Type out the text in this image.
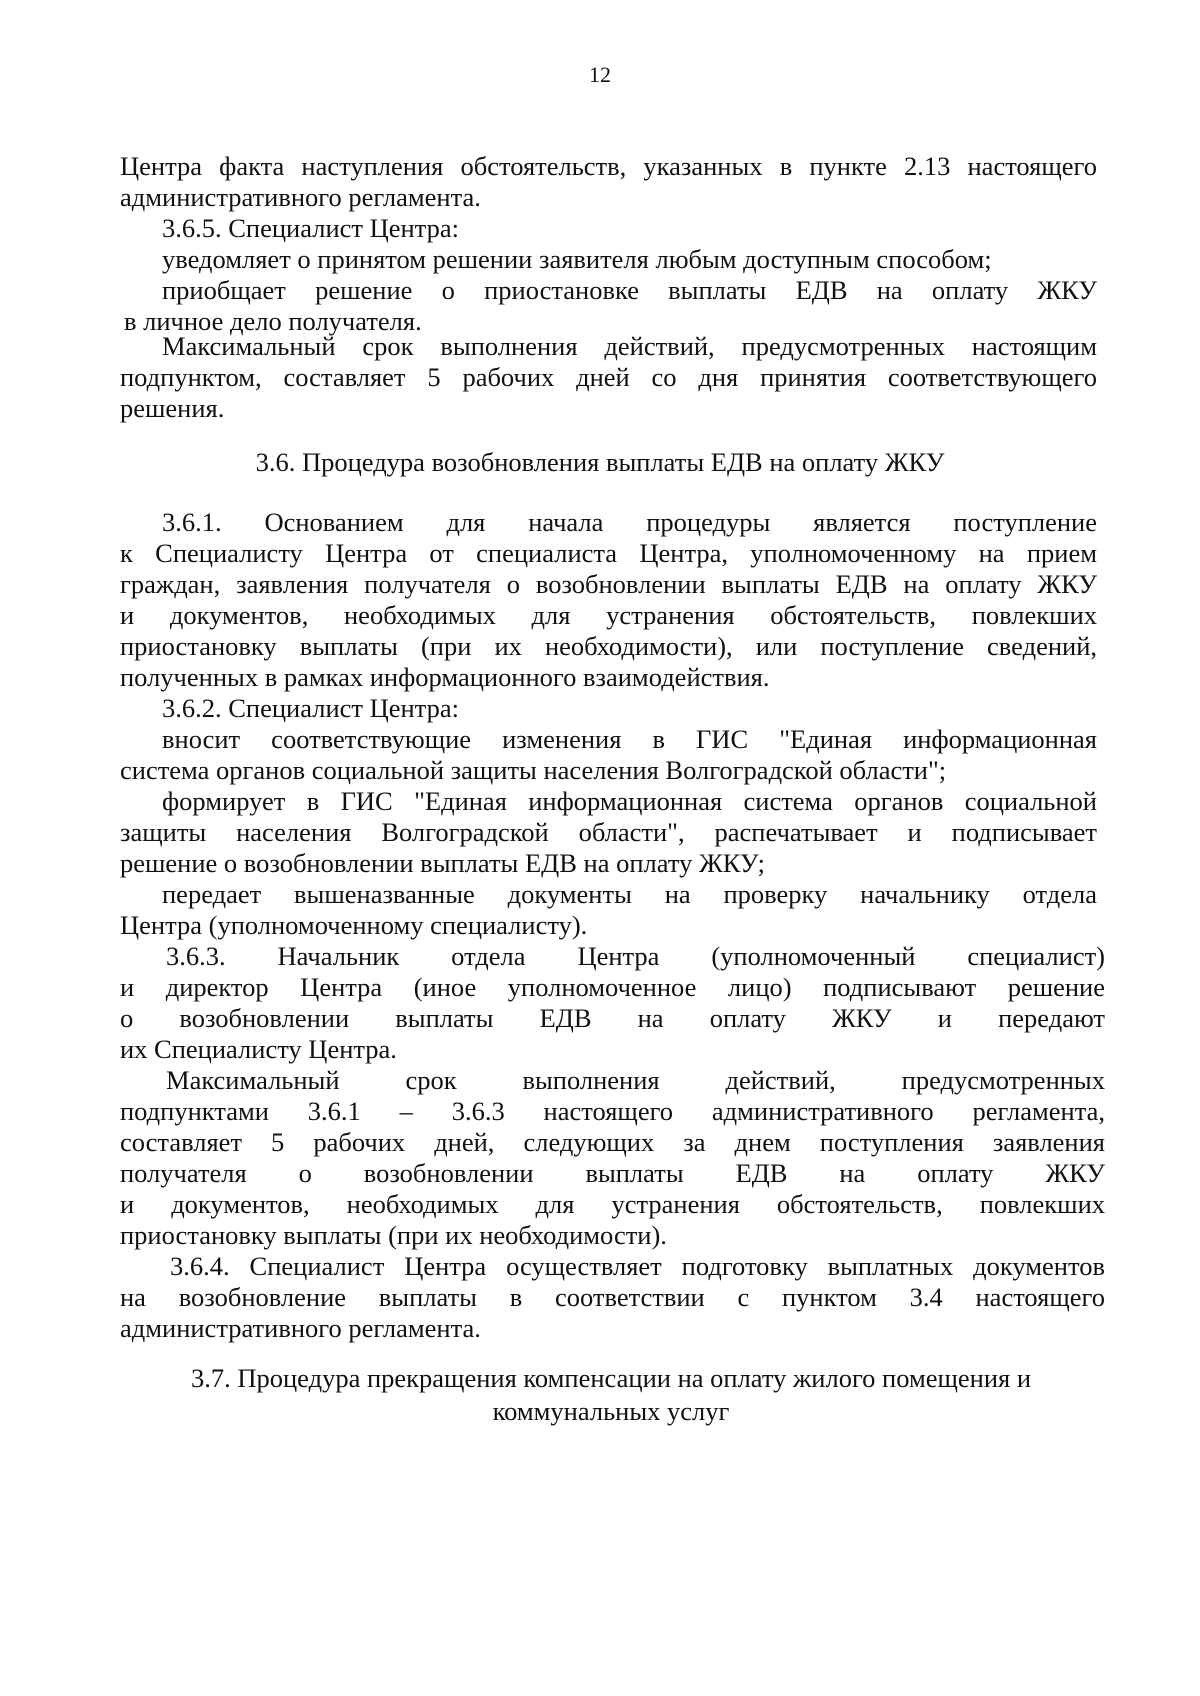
12
Центра факта наступления обстоятельств, указанных в пункте 2.13 настоящего
административного регламента.
3.6.5. Специалист Центра:
уведомляет о принятом решении заявителя любым доступным способом;
приобщает решение о приостановке выплаты ЕДВ на оплату ЖКУ
в личное дело получателя.
Максимальный срок выполнения действий, предусмотренных настоящим
подпунктом, составляет 5 рабочих дней со дня принятия соответствующего
решения.
3.6. Процедура возобновления выплаты ЕДВ на оплату ЖКУ
3.6.1. Основанием для начала процедуры является поступление
к Специалисту Центра от специалиста Центра, уполномоченному на прием
граждан, заявления получателя о возобновлении выплаты ЕДВ на оплату ЖКУ
и документов, необходимых для устранения обстоятельств, повлекших
приостановку выплаты (при их необходимости), или поступление сведений,
полученных в рамках информационного взаимодействия.
3.6.2. Специалист Центра:
вносит соответствующие изменения в ГИС "Единая информационная
система органов социальной защиты населения Волгоградской области";
формирует в ГИС "Единая информационная система органов социальной
защиты населения Волгоградской области", распечатывает и подписывает
решение о возобновлении выплаты ЕДВ на оплату ЖКУ;
передает вышеназванные документы на проверку начальнику отдела
Центра (уполномоченному специалисту).
3.6.3. Начальник отдела Центра (уполномоченный специалист)
и директор Центра (иное уполномоченное лицо) подписывают решение
о возобновлении выплаты ЕДВ на оплату ЖКУ и передают
их Специалисту Центра.
Максимальный срок выполнения действий, предусмотренных
подпунктами 3.6.1 – 3.6.3 настоящего административного регламента,
составляет 5 рабочих дней, следующих за днем поступления заявления
получателя о возобновлении выплаты ЕДВ на оплату ЖКУ
и документов, необходимых для устранения обстоятельств, повлекших
приостановку выплаты (при их необходимости).
3.6.4. Специалист Центра осуществляет подготовку выплатных документов
на возобновление выплаты в соответствии с пунктом 3.4 настоящего
административного регламента.
3.7. Процедура прекращения компенсации на оплату жилого помещения и
коммунальных услуг
